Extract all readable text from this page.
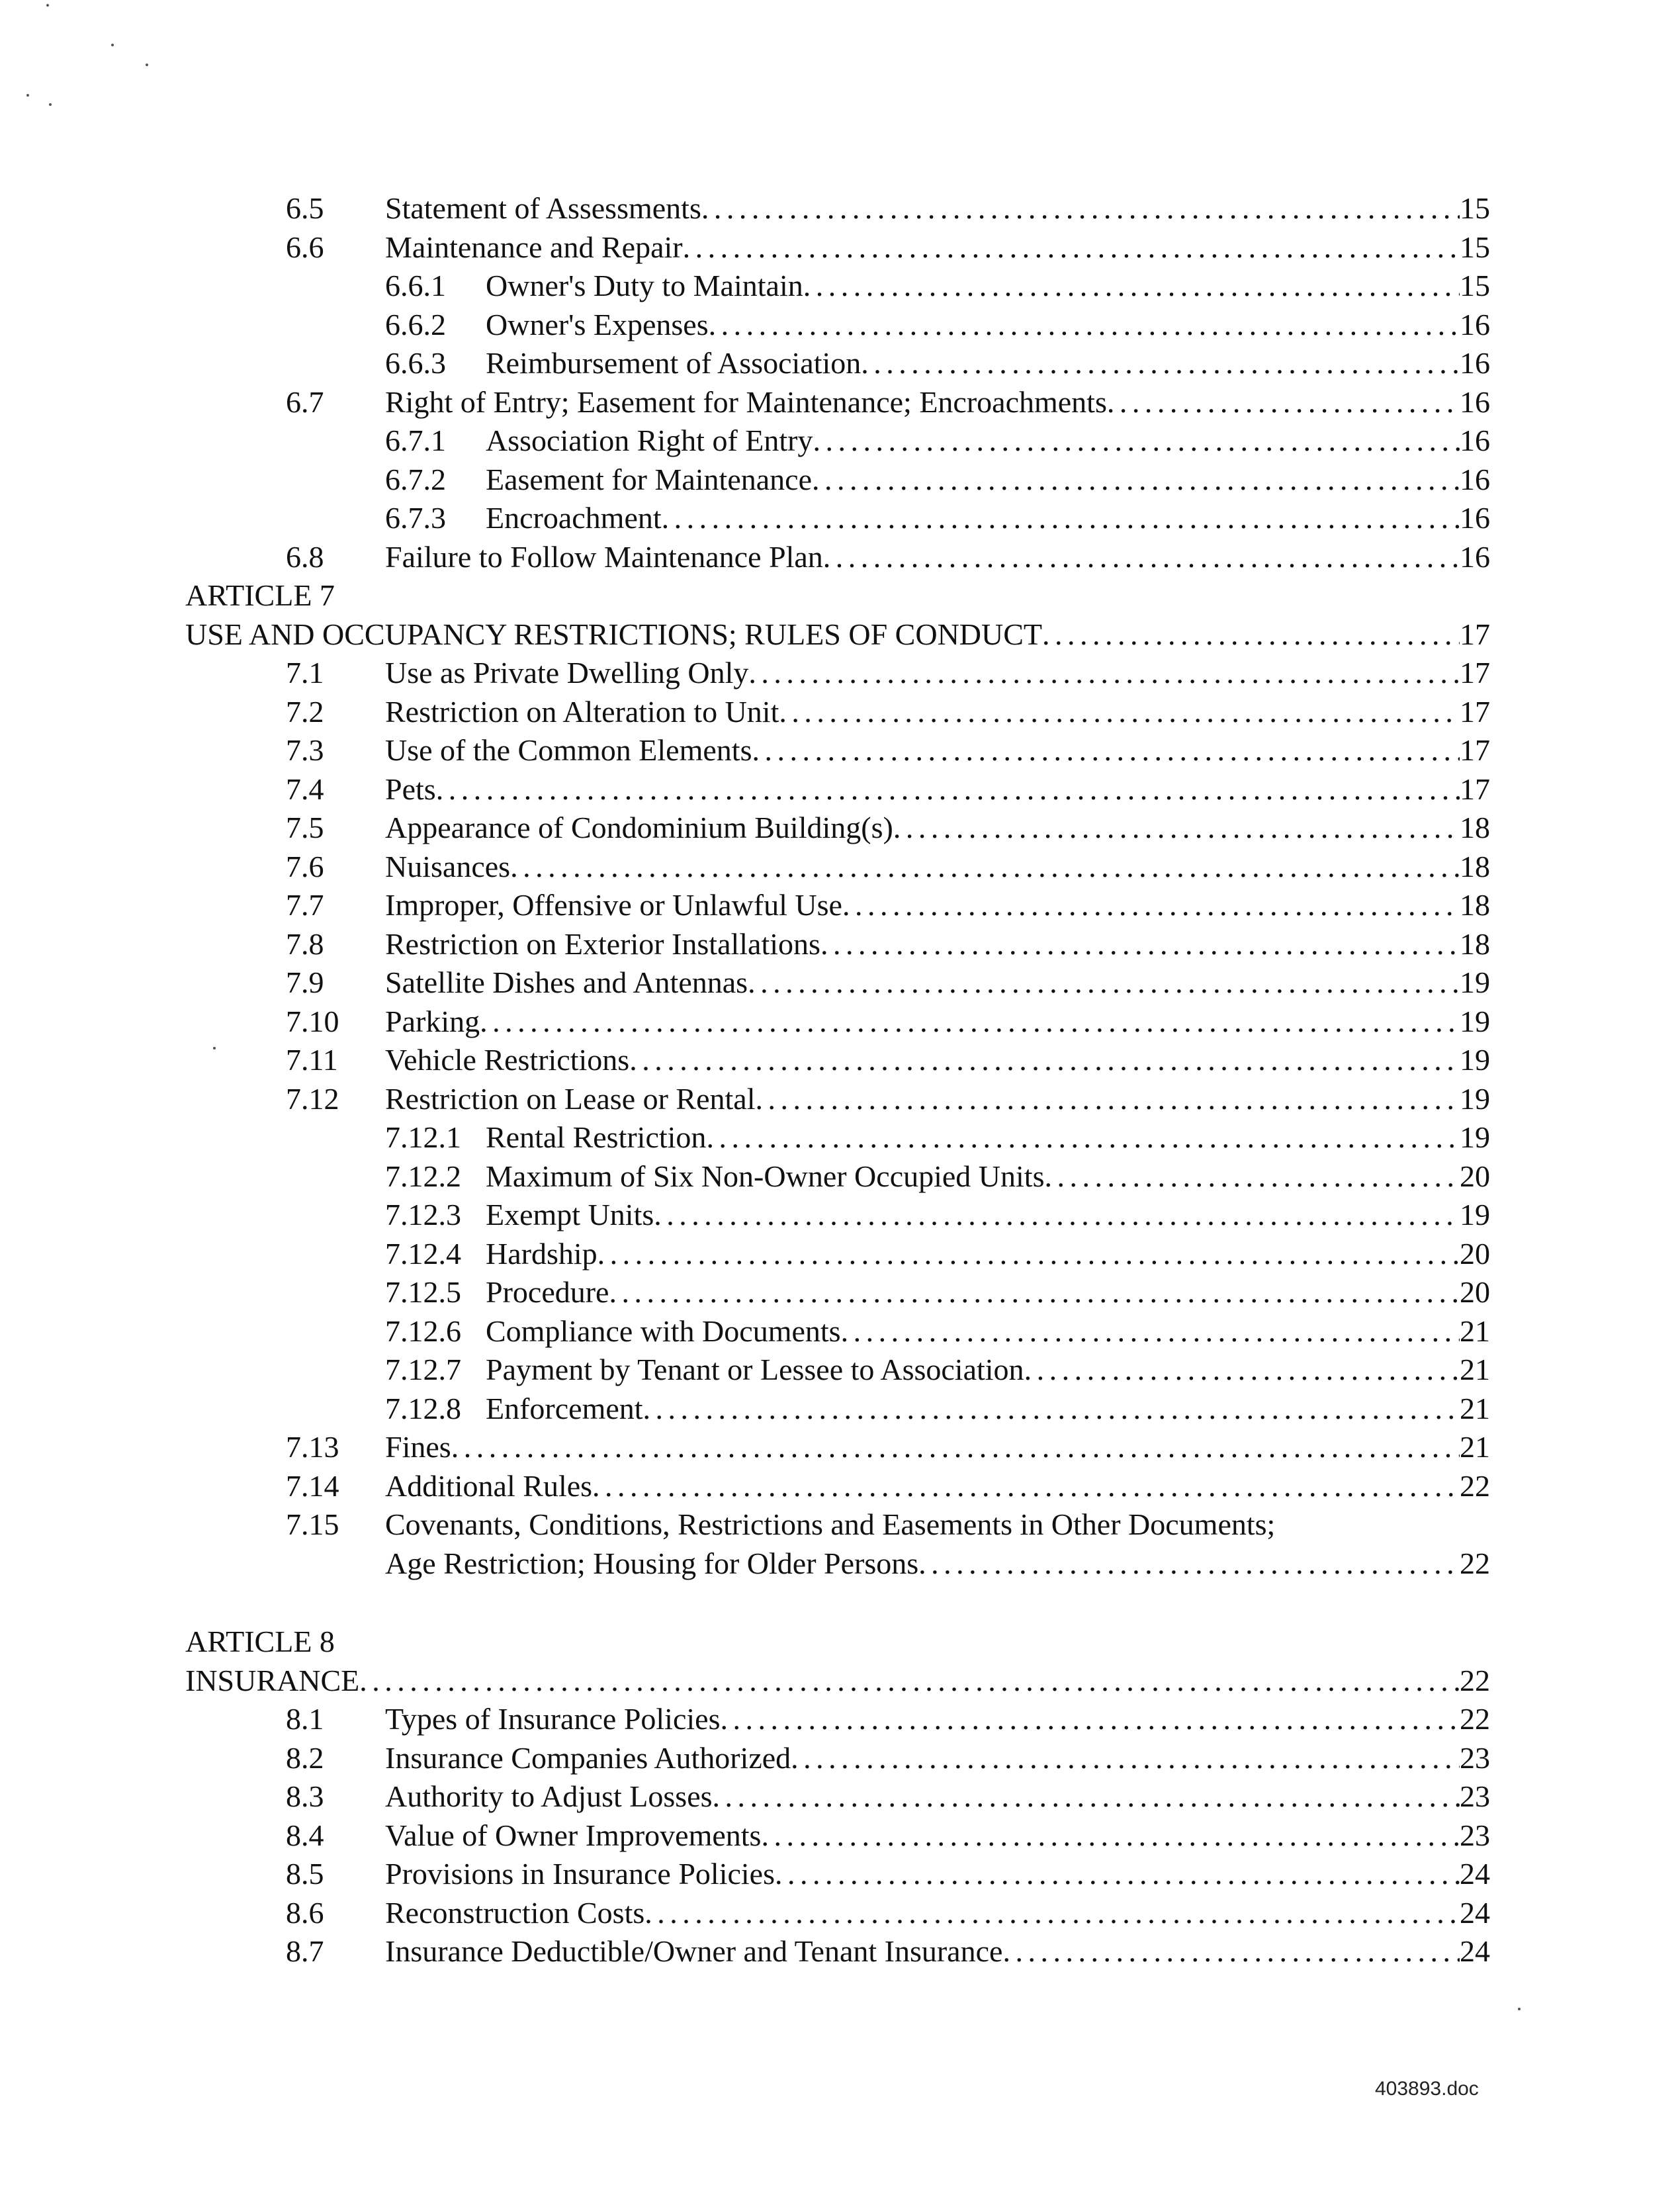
6.5 Statement of Assessments . . .	15
6.6 Maintenance and Repair . . .	15
6.6.1 Owner's Duty to Maintain . . .	15
6.6.2 Owner's Expenses . . .	16
6.6.3 Reimbursement of Association . . .	16
6.7 Right of Entry; Easement for Maintenance; Encroachments . . .	16
6.7.1 Association Right of Entry . . .	16
6.7.2 Easement for Maintenance . . .	16
6.7.3 Encroachment . . .	16
6.8 Failure to Follow Maintenance Plan . . .	16
ARTICLE 7
USE AND OCCUPANCY RESTRICTIONS; RULES OF CONDUCT . . .	17
7.1 Use as Private Dwelling Only . . .	17
7.2 Restriction on Alteration to Unit . . .	17
7.3 Use of the Common Elements . . .	17
7.4 Pets . . .	17
7.5 Appearance of Condominium Building(s) . . .	18
7.6 Nuisances . . .	18
7.7 Improper, Offensive or Unlawful Use . . .	18
7.8 Restriction on Exterior Installations . . .	18
7.9 Satellite Dishes and Antennas . . .	19
7.10 Parking . . .	19
7.11 Vehicle Restrictions . . .	19
7.12 Restriction on Lease or Rental . . .	19
7.12.1 Rental Restriction . . .	19
7.12.2 Maximum of Six Non-Owner Occupied Units . . .	20
7.12.3 Exempt Units . . .	19
7.12.4 Hardship . . .	20
7.12.5 Procedure . . .	20
7.12.6 Compliance with Documents . . .	21
7.12.7 Payment by Tenant or Lessee to Association . . .	21
7.12.8 Enforcement . . .	21
7.13 Fines . . .	21
7.14 Additional Rules . . .	22
7.15 Covenants, Conditions, Restrictions and Easements in Other Documents;
Age Restriction; Housing for Older Persons . . .	22
ARTICLE 8
INSURANCE . . .	22
8.1 Types of Insurance Policies . . .	22
8.2 Insurance Companies Authorized . . .	23
8.3 Authority to Adjust Losses . . .	23
8.4 Value of Owner Improvements . . .	23
8.5 Provisions in Insurance Policies . . .	24
8.6 Reconstruction Costs . . .	24
8.7 Insurance Deductible/Owner and Tenant Insurance . . .	24
403893.doc
